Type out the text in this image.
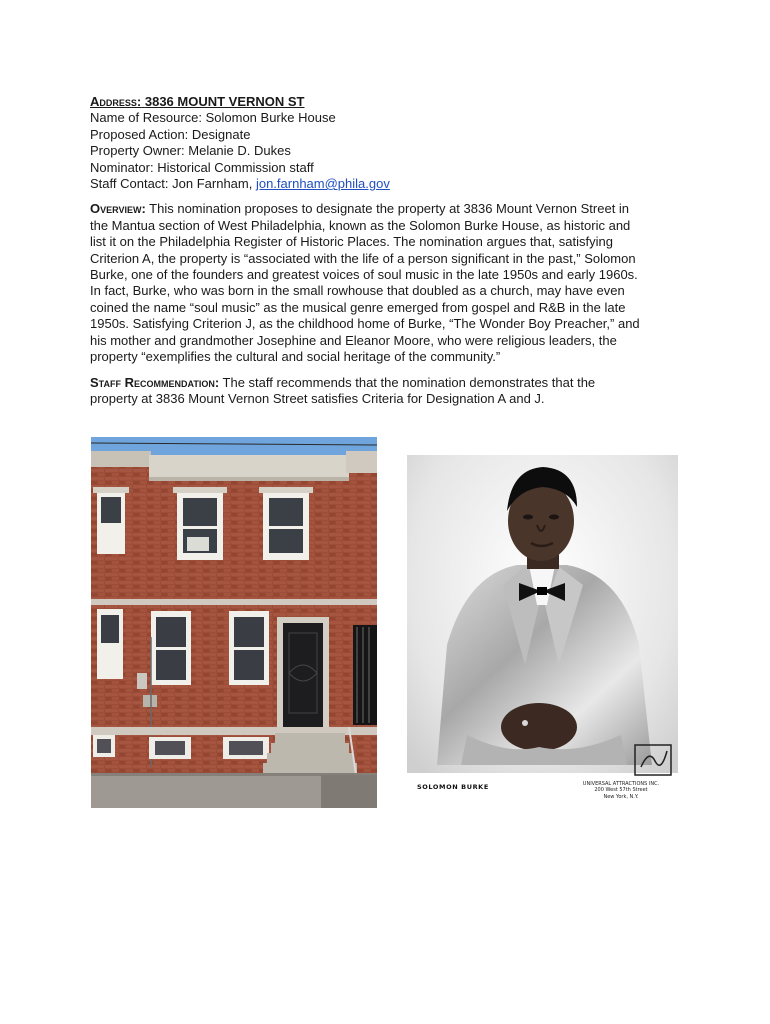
Address: 3836 MOUNT VERNON ST
Name of Resource: Solomon Burke House
Proposed Action: Designate
Property Owner: Melanie D. Dukes
Nominator: Historical Commission staff
Staff Contact: Jon Farnham, jon.farnham@phila.gov
Overview: This nomination proposes to designate the property at 3836 Mount Vernon Street in
the Mantua section of West Philadelphia, known as the Solomon Burke House, as historic and
list it on the Philadelphia Register of Historic Places. The nomination argues that, satisfying
Criterion A, the property is “associated with the life of a person significant in the past,” Solomon
Burke, one of the founders and greatest voices of soul music in the late 1950s and early 1960s.
In fact, Burke, who was born in the small rowhouse that doubled as a church, may have even
coined the name “soul music” as the musical genre emerged from gospel and R&B in the late
1950s. Satisfying Criterion J, as the childhood home of Burke, “The Wonder Boy Preacher,” and
his mother and grandmother Josephine and Eleanor Moore, who were religious leaders, the
property “exemplifies the cultural and social heritage of the community.”
Staff Recommendation: The staff recommends that the nomination demonstrates that the
property at 3836 Mount Vernon Street satisfies Criteria for Designation A and J.
SOLOMON BURKE	UNIVERSAL ATTRACTIONS INC.
200 West 57th Street
New York, N.Y.
